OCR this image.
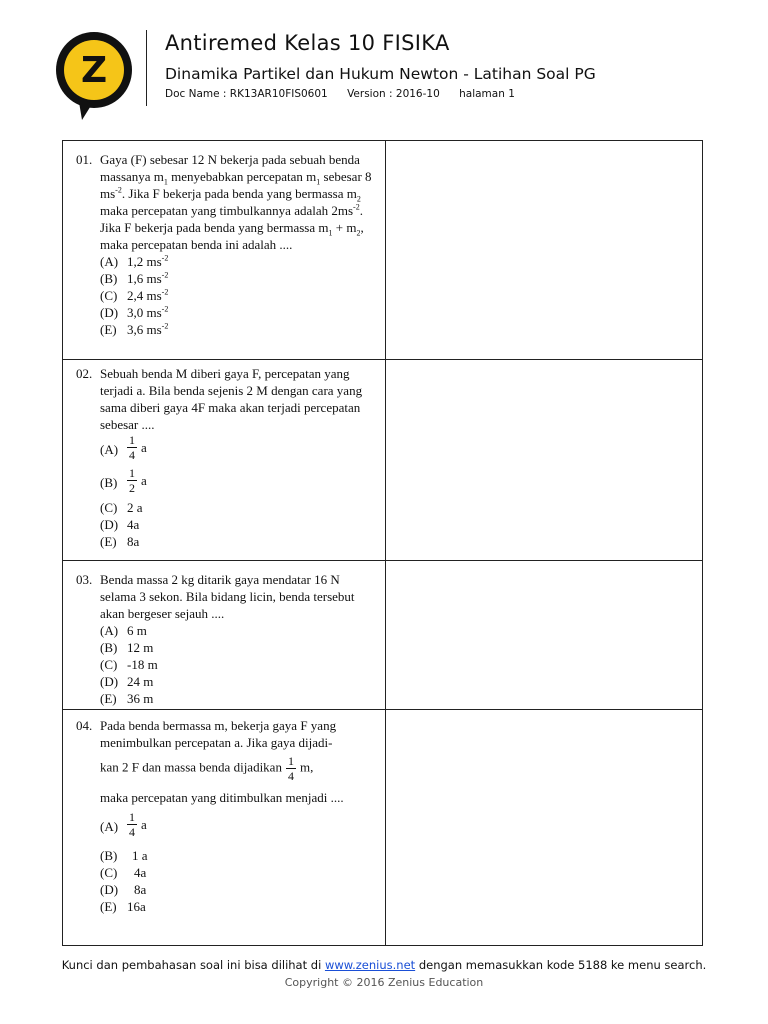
Z
Antiremed Kelas 10 FISIKA
Dinamika Partikel dan Hukum Newton - Latihan Soal PG
Doc Name : RK13AR10FIS0601 Version : 2016-10 halaman 1
01. Gaya (F) sebesar 12 N bekerja pada sebuah benda massanya $m_1$ menyebabkan percepatan $m_1$ sebesar 8 $ms^{-2}$. Jika F bekerja pada benda yang bermassa $m_2$ maka percepatan yang timbulkannya adalah $2ms^{-2}$. Jika F bekerja pada benda yang bermassa $m_1 + m_2$, maka percepatan benda ini adalah ....
(A) 1,2 $ms^{-2}$
(B) 1,6 $ms^{-2}$
(C) 2,4 $ms^{-2}$
(D) 3,0 $ms^{-2}$
(E) 3,6 $ms^{-2}$
02. Sebuah benda M diberi gaya F, percepatan yang terjadi a. Bila benda sejenis 2 M dengan cara yang sama diberi gaya 4F maka akan terjadi percepatan sebesar ....
$(A) \frac{1}{4}$ a
$(B) \frac{1}{2}$ a
(C) 2 a
(D) 4a
(E) 8a
03. Benda massa 2 kg ditarik gaya mendatar 16 N selama 3 sekon. Bila bidang licin, benda tersebut akan bergeser sejauh ....
(A) 6 m
(B) 12 m
(C) -18 m
(D) 24 m
(E) 36 m
04. Pada benda bermassa m, bekerja gaya F yang menimbulkan percepatan a. Jika gaya dijadi-
kan 2 F dan massa benda dijadikan $\frac{1}{4} m$,
maka percepatan yang ditimbulkan menjadi ....
$(A) \frac{1}{4}$ a
(B) 1 a
(C) 4a
(D) 8a
(E) 16a
Kunci dan pembahasan soal ini bisa dilihat di www.zenius.net dengan memasukkan kode 5188 ke menu search.
Copyright © 2016 Zenius Education
